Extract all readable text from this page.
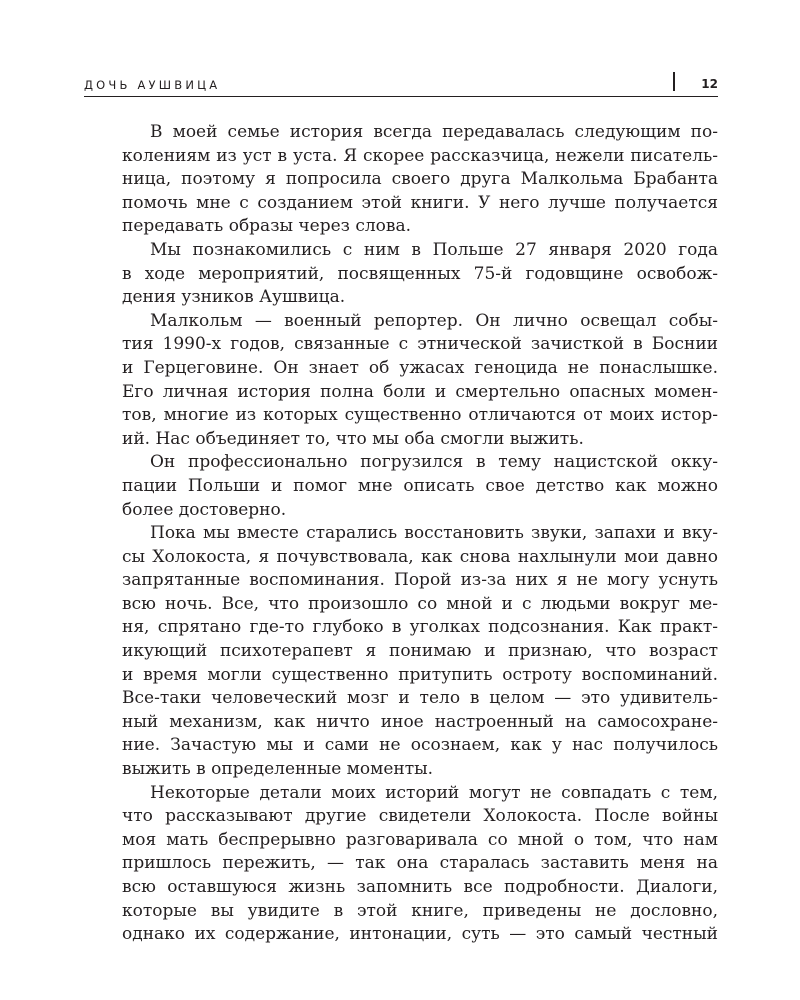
ДОЧЬ АУШВИЦА	12
В моей семье история всегда передавалась следующим по-
колениям из уст в уста. Я скорее рассказчица, нежели писатель-
ница, поэтому я попросила своего друга Малкольма Брабанта
помочь мне с созданием этой книги. У него лучше получается
передавать образы через слова.
Мы познакомились с ним в Польше 27 января 2020 года
в ходе мероприятий, посвященных 75-й годовщине освобож-
дения узников Аушвица.
Малкольм — военный репортер. Он лично освещал собы-
тия 1990-х годов, связанные с этнической зачисткой в Боснии
и Герцеговине. Он знает об ужасах геноцида не понаслышке.
Его личная история полна боли и смертельно опасных момен-
тов, многие из которых существенно отличаются от моих истор-
ий. Нас объединяет то, что мы оба смогли выжить.
Он профессионально погрузился в тему нацистской окку-
пации Польши и помог мне описать свое детство как можно
более достоверно.
Пока мы вместе старались восстановить звуки, запахи и вку-
сы Холокоста, я почувствовала, как снова нахлынули мои давно
запрятанные воспоминания. Порой из-за них я не могу уснуть
всю ночь. Все, что произошло со мной и с людьми вокруг ме-
ня, спрятано где-то глубоко в уголках подсознания. Как практ-
икующий психотерапевт я понимаю и признаю, что возраст
и время могли существенно притупить остроту воспоминаний.
Все-таки человеческий мозг и тело в целом — это удивитель-
ный механизм, как ничто иное настроенный на самосохране-
ние. Зачастую мы и сами не осознаем, как у нас получилось
выжить в определенные моменты.
Некоторые детали моих историй могут не совпадать с тем,
что рассказывают другие свидетели Холокоста. После войны
моя мать беспрерывно разговаривала со мной о том, что нам
пришлось пережить, — так она старалась заставить меня на
всю оставшуюся жизнь запомнить все подробности. Диалоги,
которые вы увидите в этой книге, приведены не дословно,
однако их содержание, интонации, суть — это самый честный
